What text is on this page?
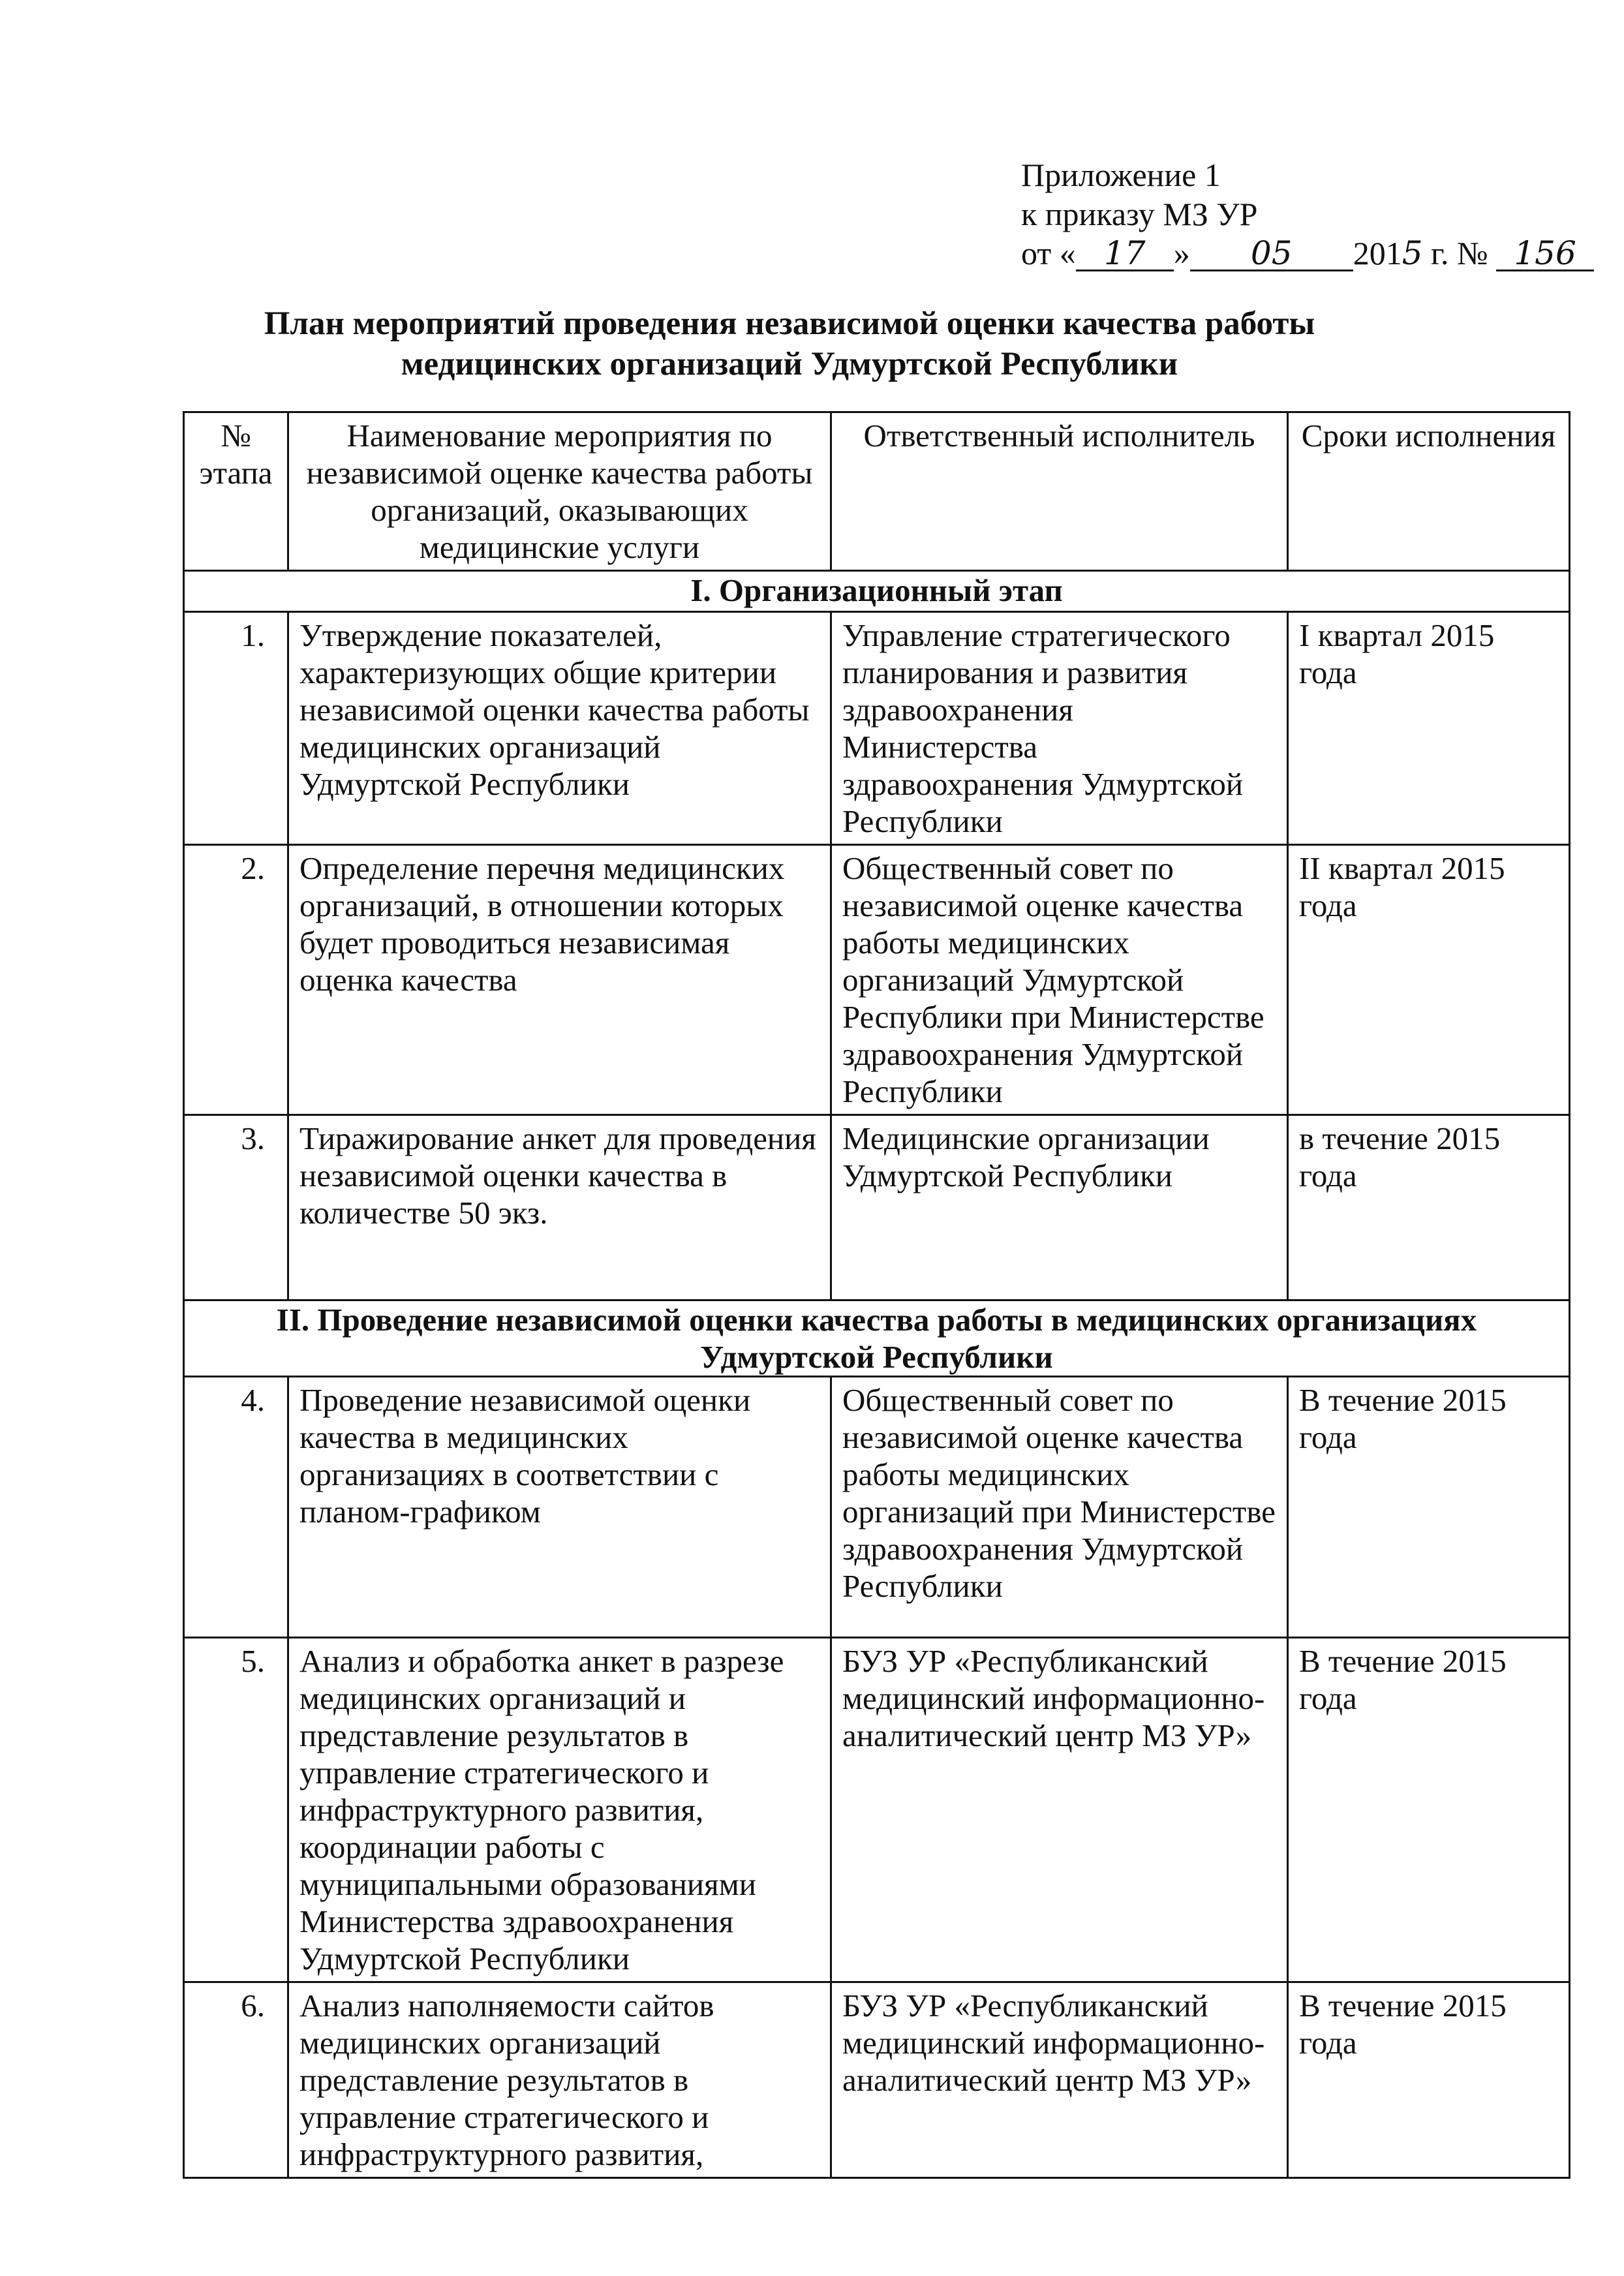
Приложение 1
к приказу МЗ УР
от « 17 » 05 2015 г. № 156
План мероприятий проведения независимой оценки качества работы
медицинских организаций Удмуртской Республики
№ этапа	Наименование мероприятия по независимой оценке качества работы организаций, оказывающих медицинские услуги	Ответственный исполнитель	Сроки исполнения
I. Организационный этап			
1.	Утверждение показателей, характеризующих общие критерии независимой оценки качества работы медицинских организаций Удмуртской Республики	Управление стратегического планирования и развития здравоохранения Министерства здравоохранения Удмуртской Республики	I квартал 2015 года
2.	Определение перечня медицинских организаций, в отношении которых будет проводиться независимая оценка качества	Общественный совет по независимой оценке качества работы медицинских организаций Удмуртской Республики при Министерстве здравоохранения Удмуртской Республики	II квартал 2015 года
3.	Тиражирование анкет для проведения независимой оценки качества в количестве 50 экз.	Медицинские организации Удмуртской Республики	в течение 2015 года
II. Проведение независимой оценки качества работы в медицинских организациях Удмуртской Республики			
4.	Проведение независимой оценки качества в медицинских организациях в соответствии с планом-графиком	Общественный совет по независимой оценке качества работы медицинских организаций при Министерстве здравоохранения Удмуртской Республики	В течение 2015 года
5.	Анализ и обработка анкет в разрезе медицинских организаций и представление результатов в управление стратегического и инфраструктурного развития, координации работы с муниципальными образованиями Министерства здравоохранения Удмуртской Республики	БУЗ УР «Республиканский медицинский информационно-аналитический центр МЗ УР»	В течение 2015 года
6.	Анализ наполняемости сайтов медицинских организаций представление результатов в управление стратегического и инфраструктурного развития,	БУЗ УР «Республиканский медицинский информационно-аналитический центр МЗ УР»	В течение 2015 года
